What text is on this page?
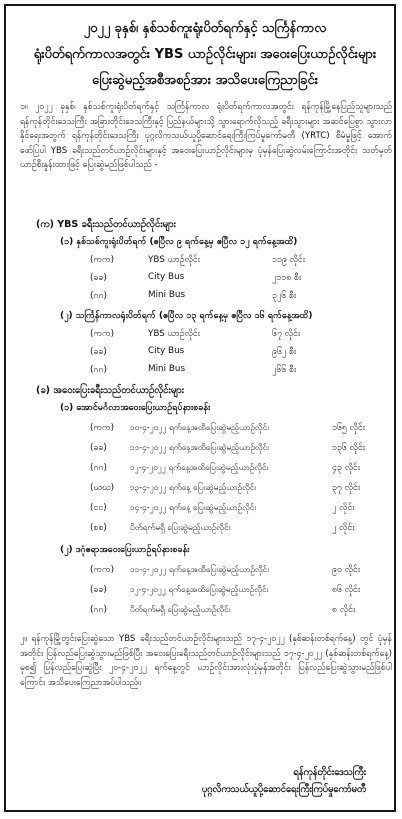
၂၀၂၂ ခုနှစ်၊ နှစ်သစ်ကူးရုံးပိတ်ရက်နှင့် သင်္ကြန်ကာလ
ရုံးပိတ်ရက်ကာလအတွင်း YBS ယာဉ်လိုင်းများ၊ အဝေးပြေးယာဉ်လိုင်းများ
ပြေးဆွဲမည့်အစီအစဉ်အား အသိပေးကြေညာခြင်း
၁။ ၂၀၂၂ ခုနှစ်၊ နှစ်သစ်ကူးရုံးပိတ်ရက်နှင့် သင်္ကြန်ကာလ ရုံးပိတ်ရက်ကာလအတွင်း ရန်ကုန်မြို့နေပြည်သူများသည် ရန်ကုန်တိုင်းဒေသကြီး အခြားတိုင်းဒေသကြီးနှင့် ပြည်နယ်များသို့ သွားရောက်လိုသည့် ခရီးသွားများ အဆင်ပြေစွာ သွားလာနိုင်ရေးအတွက် ရန်ကုန်တိုင်းဒေသကြီး ပုဂ္ဂလိကသယ်ယူပို့ဆောင်ရေးကြီးကြပ်မှုကော်မတီ (YRTC) စီမံမှုဖြင့် အောက်ဖော်ပြပါ YBS ခရီးသည်တင်ယာဉ်လိုင်းများနှင့် အဝေးပြေးယာဉ်လိုင်းများမှ ပုံမှန်ပြေးဆွဲလမ်းကြောင်းအတိုင်း သတ်မှတ်ယာဉ်စီးနှုန်းထားဖြင့် ပြေးဆွဲမည်ဖြစ်ပါသည် -
(က) YBS ခရီးသည်တင်ယာဉ်လိုင်းများ
(၁) နှစ်သစ်ကူးရုံးပိတ်ရက် (ဧပြီလ ၉ ရက်နေ့မှ ဧပြီလ ၁၂ ရက်နေ့အထိ)
(ကက)	YBS ယာဉ်လိုင်း	၁၁၉ လိုင်း
(ခခ)	City Bus	၂၁၁၈ စီး
(ဂဂ)	Mini Bus	၃၂၆ စီး
(၂) သင်္ကြန်ကာလရုံးပိတ်ရက် (ဧပြီလ ၁၃ ရက်နေ့မှ ဧပြီလ ၁၆ ရက်နေ့အထိ)
(ကက)	YBS ယာဉ်လိုင်း	၆၇ လိုင်း
(ခခ)	City Bus	၉၆၂ စီး
(ဂဂ)	Mini Bus	၂၆၆ စီး
(ခ) အဝေးပြေးခရီးသည်တင်ယာဉ်လိုင်းများ
(၁) အောင်မင်္ဂလာအဝေးပြေးယာဉ်ရပ်နားစခန်း
(ကက) ၁၀-၄-၂၀၂၂ ရက်နေ့အထိပြေးဆွဲမည့်ယာဉ်လိုင်း	၁၆၅ လိုင်း
(ခခ)	၁၁-၄-၂၀၂၂ ရက်နေ့အထိပြေးဆွဲမည့်ယာဉ်လိုင်း	၁၃၆ လိုင်း
(ဂဂ)	၁၂-၄-၂၀၂၂ ရက်နေ့အထိပြေးဆွဲမည့်ယာဉ်လိုင်း	၄၃ လိုင်း
(ဃဃ) ၁၃-၄-၂၀၂၂ ရက်နေ့ ပြေးဆွဲမည့်ယာဉ်လိုင်း	၃၇ လိုင်း
(ငင)	၁၄-၄-၂၀၂၂ ရက်နေ့ ပြေးဆွဲမည့်ယာဉ်လိုင်း	၂ လိုင်း
(စစ)	ပိတ်ရက်မရှိ ပြေးဆွဲမည့်ယာဉ်လိုင်း	၂ လိုင်း
(၂) ဒဂုံဧရာအဝေးပြေးယာဉ်ရပ်နားစခန်း
(ကက) ၁၁-၄-၂၀၂၂ ရက်နေ့အထိပြေးဆွဲမည့်ယာဉ်လိုင်း	၉၀ လိုင်း
(ခခ)	၁၂-၄-၂၀၂၂ ရက်နေ့အထိပြေးဆွဲမည့်ယာဉ်လိုင်း	၈၆ လိုင်း
(ဂဂ)	ပိတ်ရက်မရှိ ပြေးဆွဲမည့်ယာဉ်လိုင်း	၈ လိုင်း
၂။ ရန်ကုန်မြို့တွင်းပြေးဆွဲသော YBS ခရီးသည်တင်ယာဉ်လိုင်းများသည် ၁၇-၄-၂၀၂၂ (နှစ်ဆန်းတစ်ရက်နေ့) တွင် ပုံမှန်အတိုင်း ပြန်လည်ပြေးဆွဲသွားမည်ဖြစ်ပြီး အဝေးပြေးခရီးသည်တင်ယာဉ်လိုင်းများသည် ၁၇-၄-၂၀၂၂ (နှစ်ဆန်းတစ်ရက်နေ့) မှစ၍ ပြန်လည်ပြေးဆွဲပြီး ၂၀-၄-၂၀၂၂ ရက်နေ့တွင် ယာဉ်လိုင်းအားလုံးပုံမှန်အတိုင်း ပြန်လည်ပြေးဆွဲသွားမည်ဖြစ်ပါကြောင်း အသိပေးကြေညာအပ်ပါသည်။
ရန်ကုန်တိုင်းဒေသကြီး
ပုဂ္ဂလိကသယ်ယူပို့ဆောင်ရေးကြီးကြပ်မှုကော်မတီ
